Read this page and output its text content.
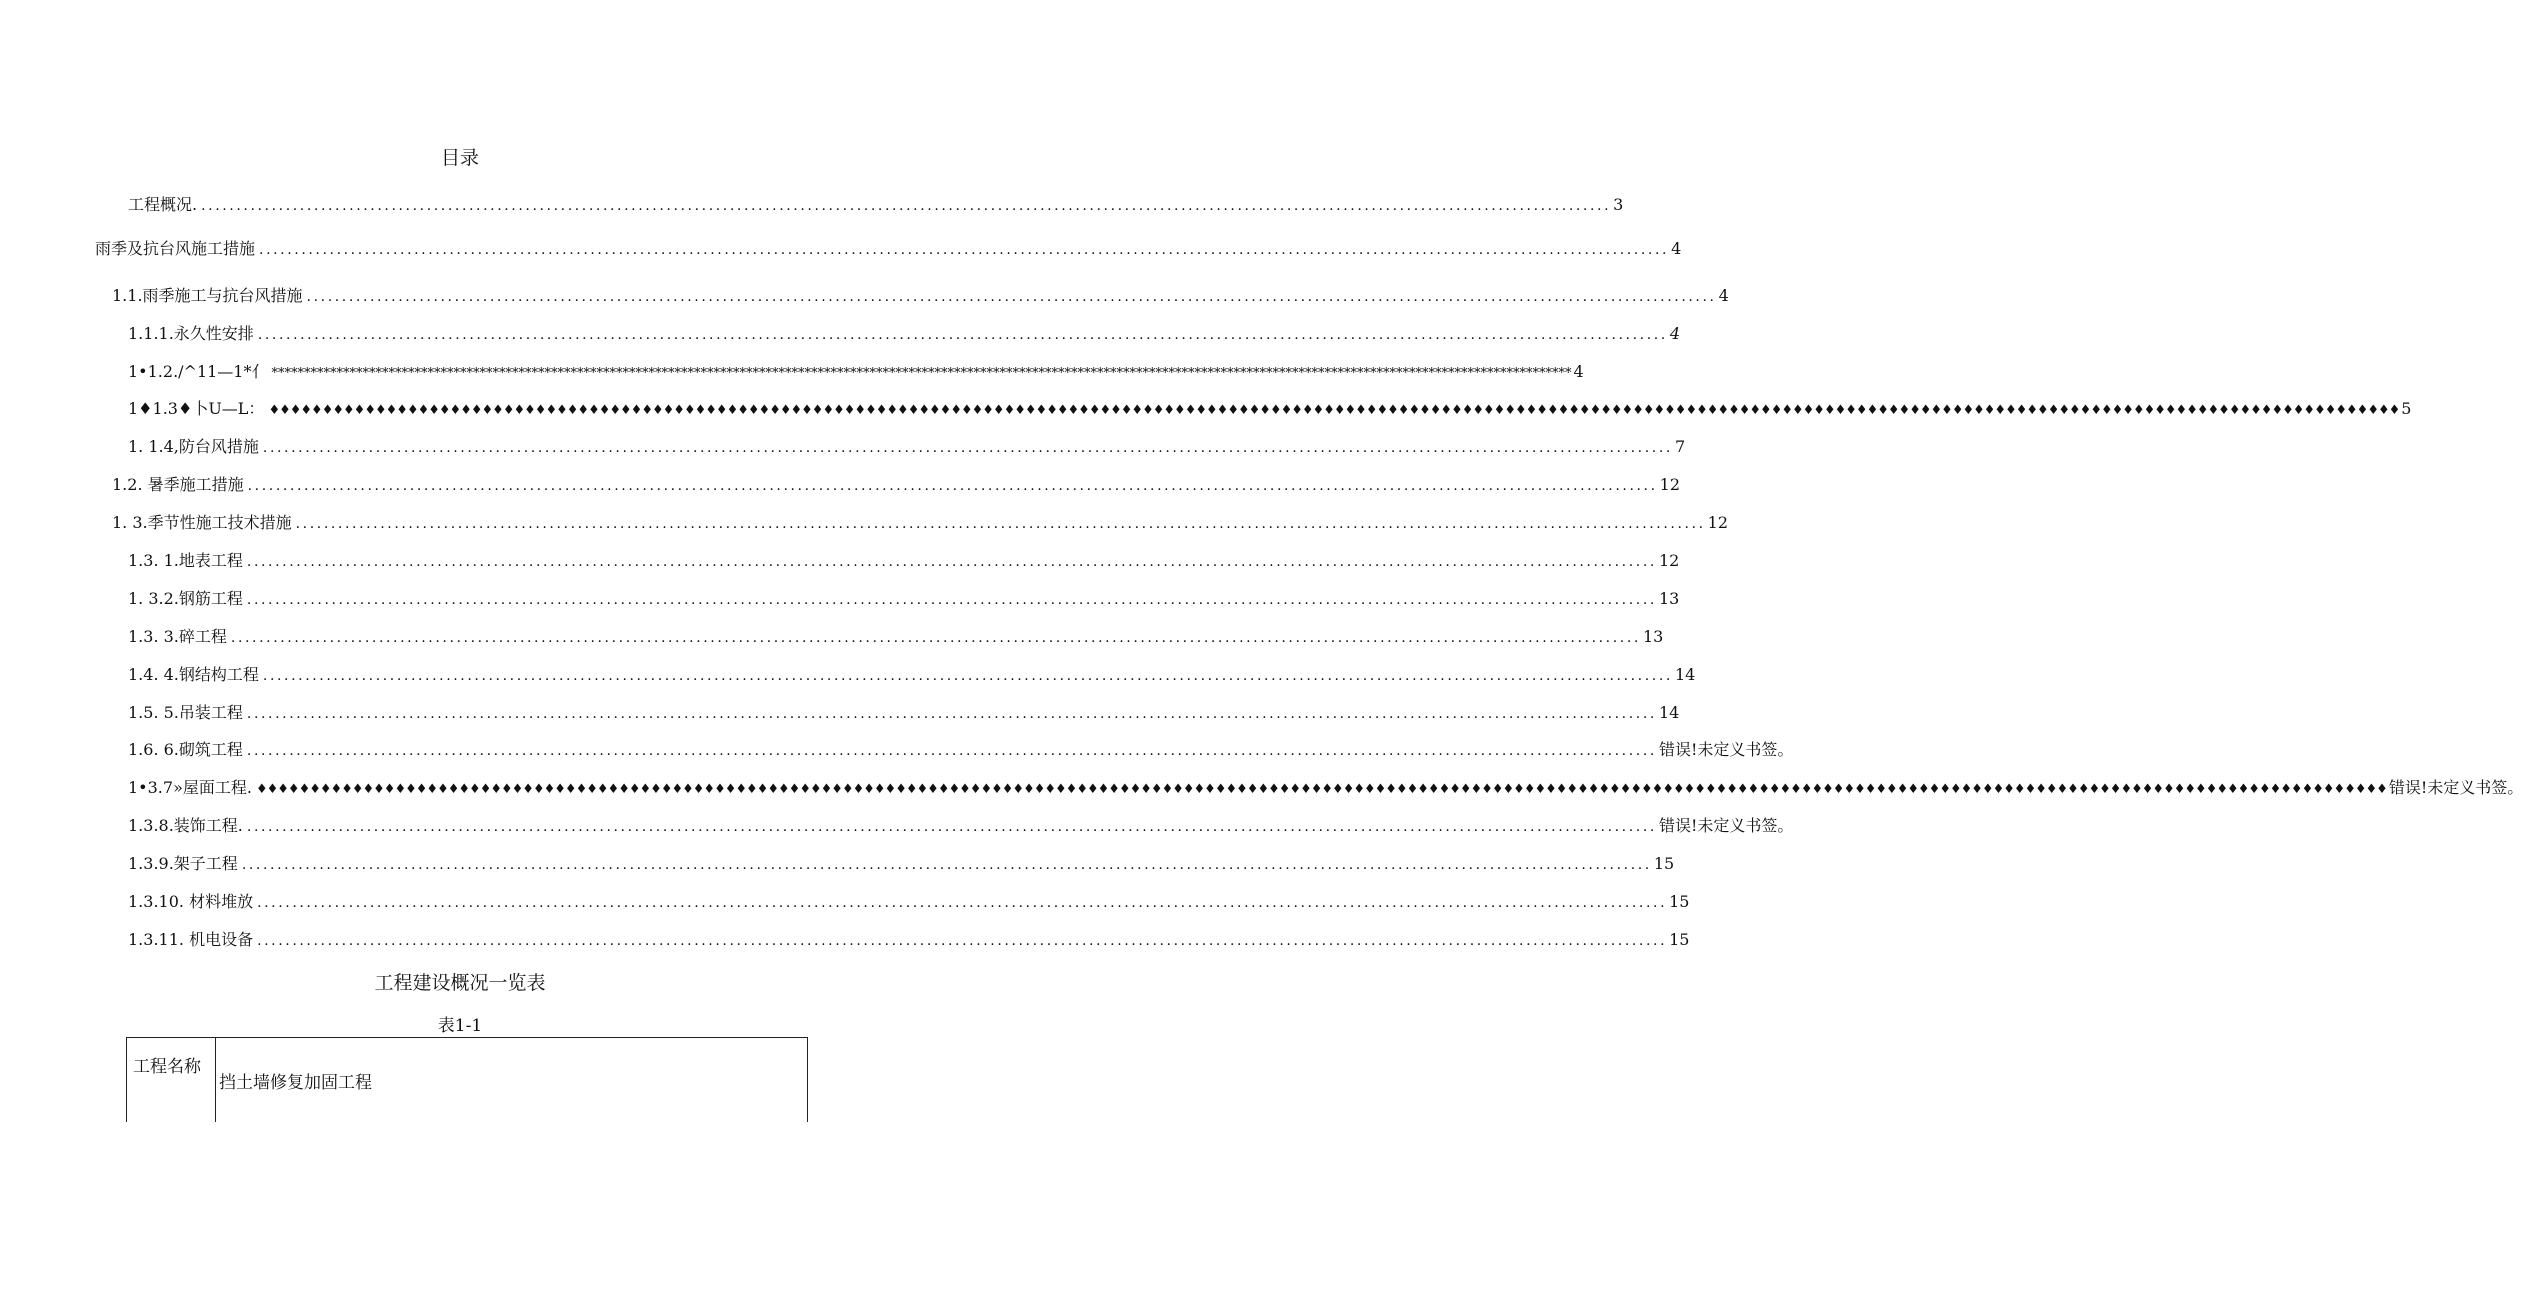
目录
工程概况. ........................................................................................................................................................................................................ 3
雨季及抗台风施工措施 ........................................................................................................................................................................................................ 4
1.1.雨季施工与抗台风措施 ........................................................................................................................................................................................................ 4
1.1.1.永久性安排 ........................................................................................................................................................................................................ 4
1•1.2./^11—1*亻 ******************************************************************************************************************************************************************************************************** 4
1♦1.3♦卜U—L： ♦♦♦♦♦♦♦♦♦♦♦♦♦♦♦♦♦♦♦♦♦♦♦♦♦♦♦♦♦♦♦♦♦♦♦♦♦♦♦♦♦♦♦♦♦♦♦♦♦♦♦♦♦♦♦♦♦♦♦♦♦♦♦♦♦♦♦♦♦♦♦♦♦♦♦♦♦♦♦♦♦♦♦♦♦♦♦♦♦♦♦♦♦♦♦♦♦♦♦♦♦♦♦♦♦♦♦♦♦♦♦♦♦♦♦♦♦♦♦♦♦♦♦♦♦♦♦♦♦♦♦♦♦♦♦♦♦♦♦♦♦♦♦♦♦♦♦♦♦♦♦♦♦♦♦♦♦♦♦♦♦♦♦♦♦♦♦♦♦♦♦♦♦♦♦♦♦♦♦♦♦♦♦♦♦♦♦♦♦♦♦♦♦♦♦♦♦♦♦♦ 5
1. 1.4,防台风措施 ........................................................................................................................................................................................................ 7
1.2. 暑季施工措施 ........................................................................................................................................................................................................ 12
1. 3.季节性施工技术措施 ........................................................................................................................................................................................................ 12
1.3. 1.地表工程 ........................................................................................................................................................................................................ 12
1. 3.2.钢筋工程 ........................................................................................................................................................................................................ 13
1.3. 3.碎工程 ........................................................................................................................................................................................................ 13
1.4. 4.钢结构工程 ........................................................................................................................................................................................................ 14
1.5. 5.吊装工程 ........................................................................................................................................................................................................ 14
1.6. 6.砌筑工程 ........................................................................................................................................................................................................ 错误!未定义书签。
1•3.7»屋面工程. ♦♦♦♦♦♦♦♦♦♦♦♦♦♦♦♦♦♦♦♦♦♦♦♦♦♦♦♦♦♦♦♦♦♦♦♦♦♦♦♦♦♦♦♦♦♦♦♦♦♦♦♦♦♦♦♦♦♦♦♦♦♦♦♦♦♦♦♦♦♦♦♦♦♦♦♦♦♦♦♦♦♦♦♦♦♦♦♦♦♦♦♦♦♦♦♦♦♦♦♦♦♦♦♦♦♦♦♦♦♦♦♦♦♦♦♦♦♦♦♦♦♦♦♦♦♦♦♦♦♦♦♦♦♦♦♦♦♦♦♦♦♦♦♦♦♦♦♦♦♦♦♦♦♦♦♦♦♦♦♦♦♦♦♦♦♦♦♦♦♦♦♦♦♦♦♦♦♦♦♦♦♦♦♦♦♦♦♦♦♦♦♦♦♦♦♦♦♦♦♦ 错误!未定义书签。
1.3.8.装饰工程. ........................................................................................................................................................................................................ 错误!未定义书签。
1.3.9.架子工程 ........................................................................................................................................................................................................ 15
1.3.10. 材料堆放 ........................................................................................................................................................................................................ 15
1.3.11. 机电设备 ........................................................................................................................................................................................................ 15
工程建设概况一览表
表1-1
工程名称
挡土墙修复加固工程
